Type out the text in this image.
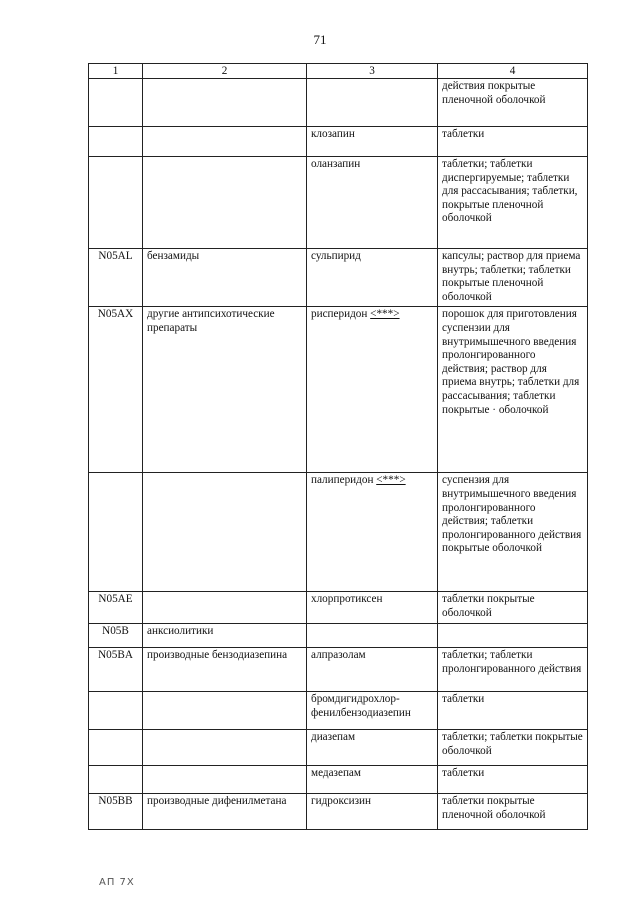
71
1	2	3	4
			действия покрытые пленочной оболочкой
		клозапин	таблетки
		оланзапин	таблетки; таблетки диспергируемые; таблетки для рассасывания; таблетки, покрытые пленочной оболочкой
N05AL	бензамиды	сульпирид	капсулы; раствор для приема внутрь; таблетки; таблетки покрытые пленочной оболочкой
N05AX	другие антипсихотические препараты	рисперидон <***>	порошок для приготовления суспензии для внутримышечного введения пролонгированного действия; раствор для приема внутрь; таблетки для рассасывания; таблетки покрытые · оболочкой
		палиперидон <***>	суспензия для внутримышечного введения пролонгированного действия; таблетки пролонгированного действия покрытые оболочкой
N05AE		хлорпротиксен	таблетки покрытые оболочкой
N05B	анксиолитики		
N05BA	производные бензодиазепина	алпразолам	таблетки; таблетки пролонгированного действия
		бромдигидрохлор-фенилбензодиазепин	таблетки
		диазепам	таблетки; таблетки покрытые оболочкой
		медазепам	таблетки
N05BB	производные дифенилметана	гидроксизин	таблетки покрытые пленочной оболочкой
АП 7Х
